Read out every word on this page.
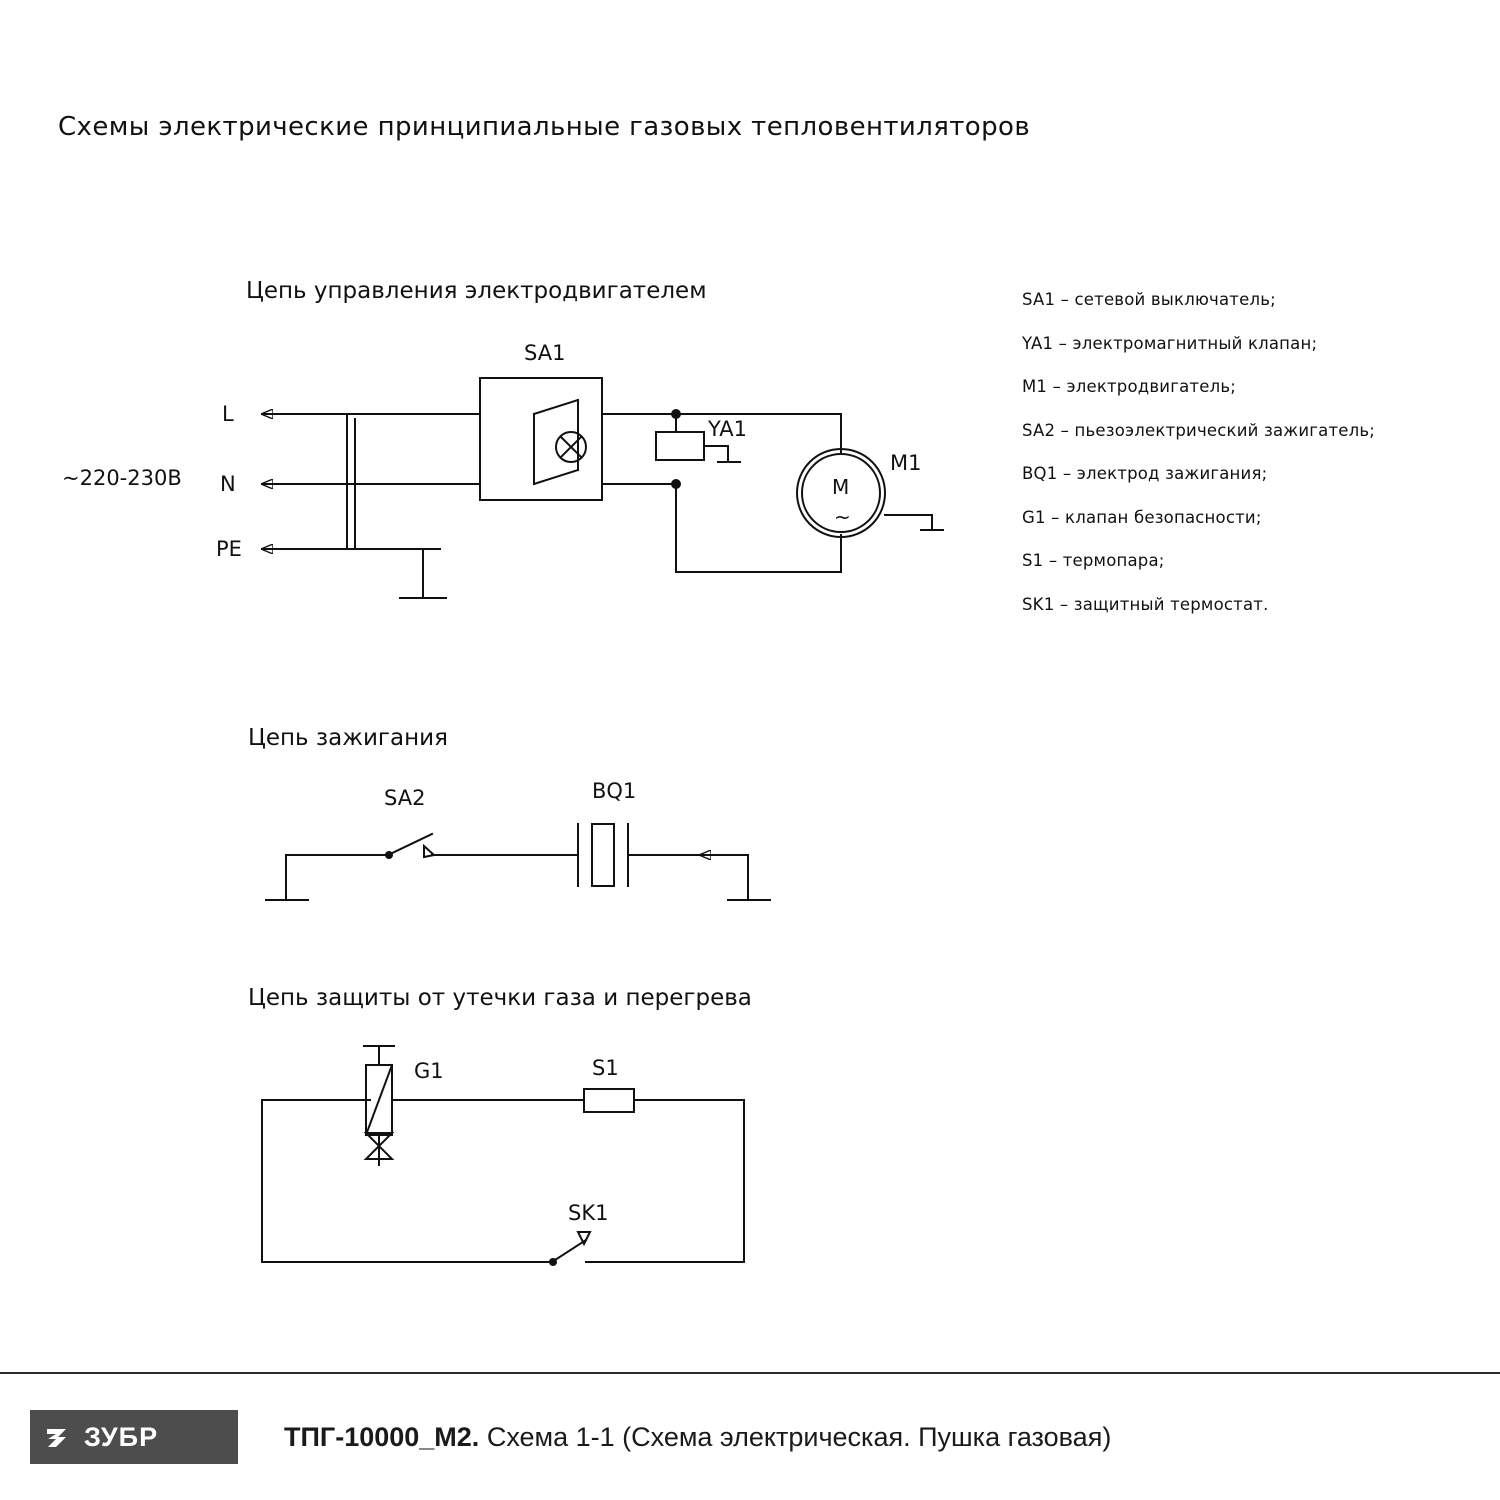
Схемы электрические принципиальные газовых тепловентиляторов
Цепь управления электродвигателем
Цепь зажигания
Цепь защиты от утечки газа и перегрева
SA1 – сетевой выключатель;
YA1 – электромагнитный клапан;
M1 – электродвигатель;
SA2 – пьезоэлектрический зажигатель;
BQ1 – электрод зажигания;
G1 – клапан безопасности;
S1 – термопара;
SK1 – защитный термостат.
~220-230В
L
N
PE
SA1
YA1
M
~
M1
SA2	BQ1
G1	S1
SK1
ЗУБР	ТПГ-10000_М2. Схема 1-1 (Схема электрическая. Пушка газовая)
